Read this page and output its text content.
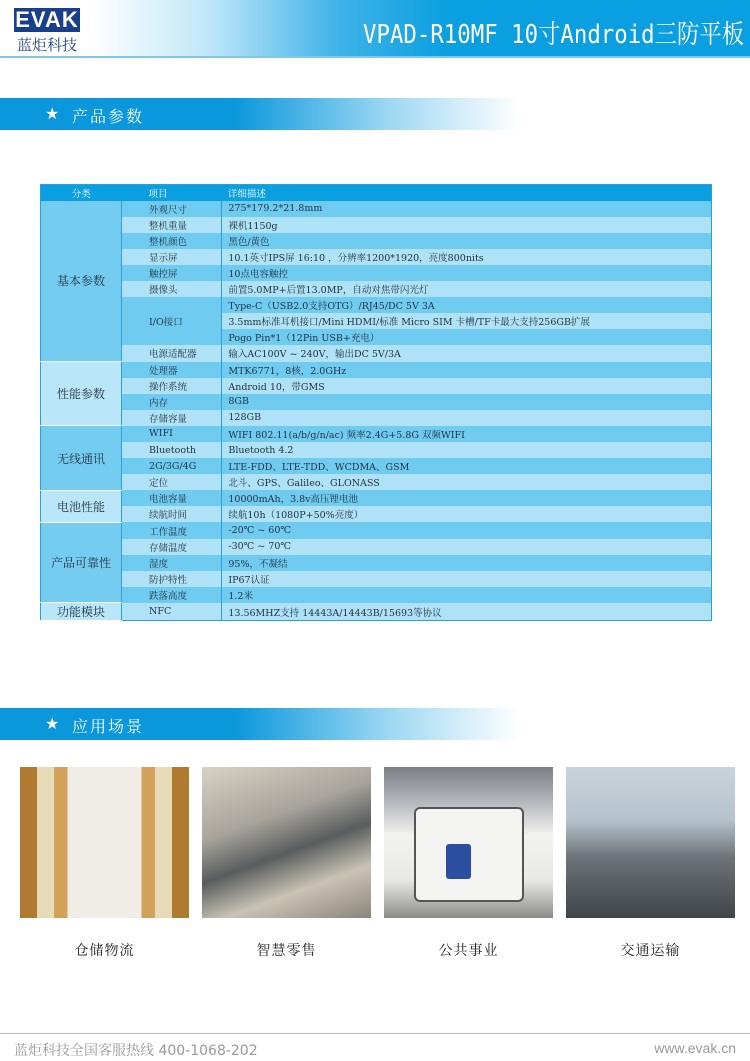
EVAK
蓝炬科技	VPAD-R10MF 10寸Android三防平板
★ 产品参数
分类	项目	详细描述
基本参数	外观尺寸	275*179.2*21.8mm
	整机重量	裸机1150g
	整机颜色	黑色/黄色
	显示屏	10.1英寸IPS屏 16:10 ，分辨率1200*1920，亮度800nits
	触控屏	10点电容触控
	摄像头	前置5.0MP+后置13.0MP，自动对焦带闪光灯
	I/O接口	Type-C（USB2.0支持OTG）/RJ45/DC 5V 3A
		3.5mm标准耳机接口/Mini HDMI/标准 Micro SIM 卡槽/TF卡最大支持256GB扩展
		Pogo Pin*1（12Pin USB+充电）
	电源适配器	输入AC100V ~ 240V，输出DC 5V/3A
性能参数	处理器	MTK6771，8核，2.0GHz
	操作系统	Android 10，带GMS
	内存	8GB
	存储容量	128GB
无线通讯	WIFI	WIFI 802.11(a/b/g/n/ac) 频率2.4G+5.8G 双频WIFI
	Bluetooth	Bluetooth 4.2
	2G/3G/4G	LTE-FDD、LTE-TDD、WCDMA、GSM
	定位	北斗、GPS、Galileo、GLONASS
电池性能	电池容量	10000mAh，3.8v高压锂电池
	续航时间	续航10h（1080P+50%亮度）
产品可靠性	工作温度	-20℃ ~ 60℃
	存储温度	-30℃ ~ 70℃
	湿度	95%，不凝结
	防护特性	IP67认证
	跌落高度	1.2米
功能模块	NFC	13.56MHZ支持 14443A/14443B/15693等协议
★ 应用场景
仓储物流	智慧零售	公共事业	交通运输
蓝炬科技全国客服热线 400-1068-202	www.evak.cn
